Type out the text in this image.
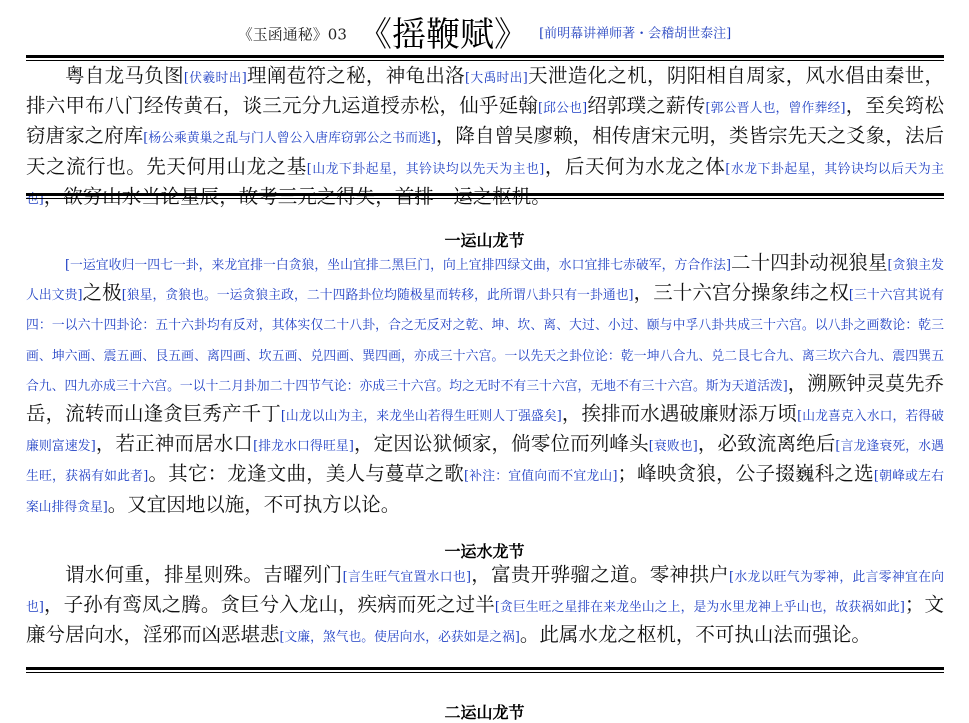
《玉函通秘》03 《摇鞭赋》 [前明幕讲禅师著・会稽胡世泰注]
粤自龙马负图[伏羲时出]理阐苞符之秘，神龟出洛[大禹时出]天泄造化之机，阴阳相自周家，风水倡由秦世，排六甲布八门经传黄石，谈三元分九运道授赤松，仙乎延翰[邱公也]绍郭璞之薪传[郭公晋人也，曾作葬经]，至矣筠松窃唐家之府库[杨公乘黄巢之乱与门人曾公入唐库窃郭公之书而逃]，降自曾吴廖赖，相传唐宋元明，类皆宗先天之爻象，法后天之流行也。先天何用山龙之基[山龙下卦起星，其钤诀均以先天为主也]，后天何为水龙之体[水龙下卦起星，其钤诀均以后天为主也]，欲穷山水当论星辰，故考三元之得失，首排一运之枢机。
一运山龙节
[一运宜收归一四七一卦，来龙宜排一白贪狼，坐山宜排二黑巨门，向上宜排四绿文曲，水口宜排七赤破军，方合作法]二十四卦动视狼星[贪狼主发人出文贵]之极[狼星，贪狼也。一运贪狼主政，二十四路卦位均随极星而转移，此所谓八卦只有一卦通也]，三十六宫分操象纬之权[三十六宫其说有四：一以六十四卦论：五十六卦均有反对，其体实仅二十八卦，合之无反对之乾、坤、坎、离、大过、小过、颐与中孚八卦共成三十六宫。以八卦之画数论：乾三画、坤六画、震五画、艮五画、离四画、坎五画、兑四画、巽四画，亦成三十六宫。一以先天之卦位论：乾一坤八合九、兑二艮七合九、离三坎六合九、震四巽五合九、四九亦成三十六宫。一以十二月卦加二十四节气论：亦成三十六宫。均之无时不有三十六宫，无地不有三十六宫。斯为天道活泼]，溯厥钟灵莫先乔岳，流转而山逢贪巨秀产千丁[山龙以山为主，来龙坐山若得生旺则人丁强盛矣]，挨排而水遇破廉财添万顷[山龙喜克入水口，若得破廉则富速发]，若正神而居水口[排龙水口得旺星]，定因讼狱倾家，倘零位而列峰头[衰败也]，必致流离绝后[言龙逢衰死，水遇生旺，获祸有如此者]。其它：龙逢文曲，美人与蔓草之歌[补注：宜值向而不宜龙山]；峰映贪狼，公子掇巍科之选[朝峰或左右案山排得贪星]。又宜因地以施，不可执方以论。
一运水龙节
谓水何重，排星则殊。吉曜列门[言生旺气宜置水口也]，富贵开骅骝之道。零神拱户[水龙以旺气为零神，此言零神宜在向也]，子孙有鸾凤之腾。贪巨兮入龙山，疾病而死之过半[贪巨生旺之星排在来龙坐山之上，是为水里龙神上乎山也，故获祸如此]；文廉兮居向水，淫邪而凶恶堪悲[文廉，煞气也。使居向水，必获如是之祸]。此属水龙之枢机，不可执山法而强论。
二运山龙节
